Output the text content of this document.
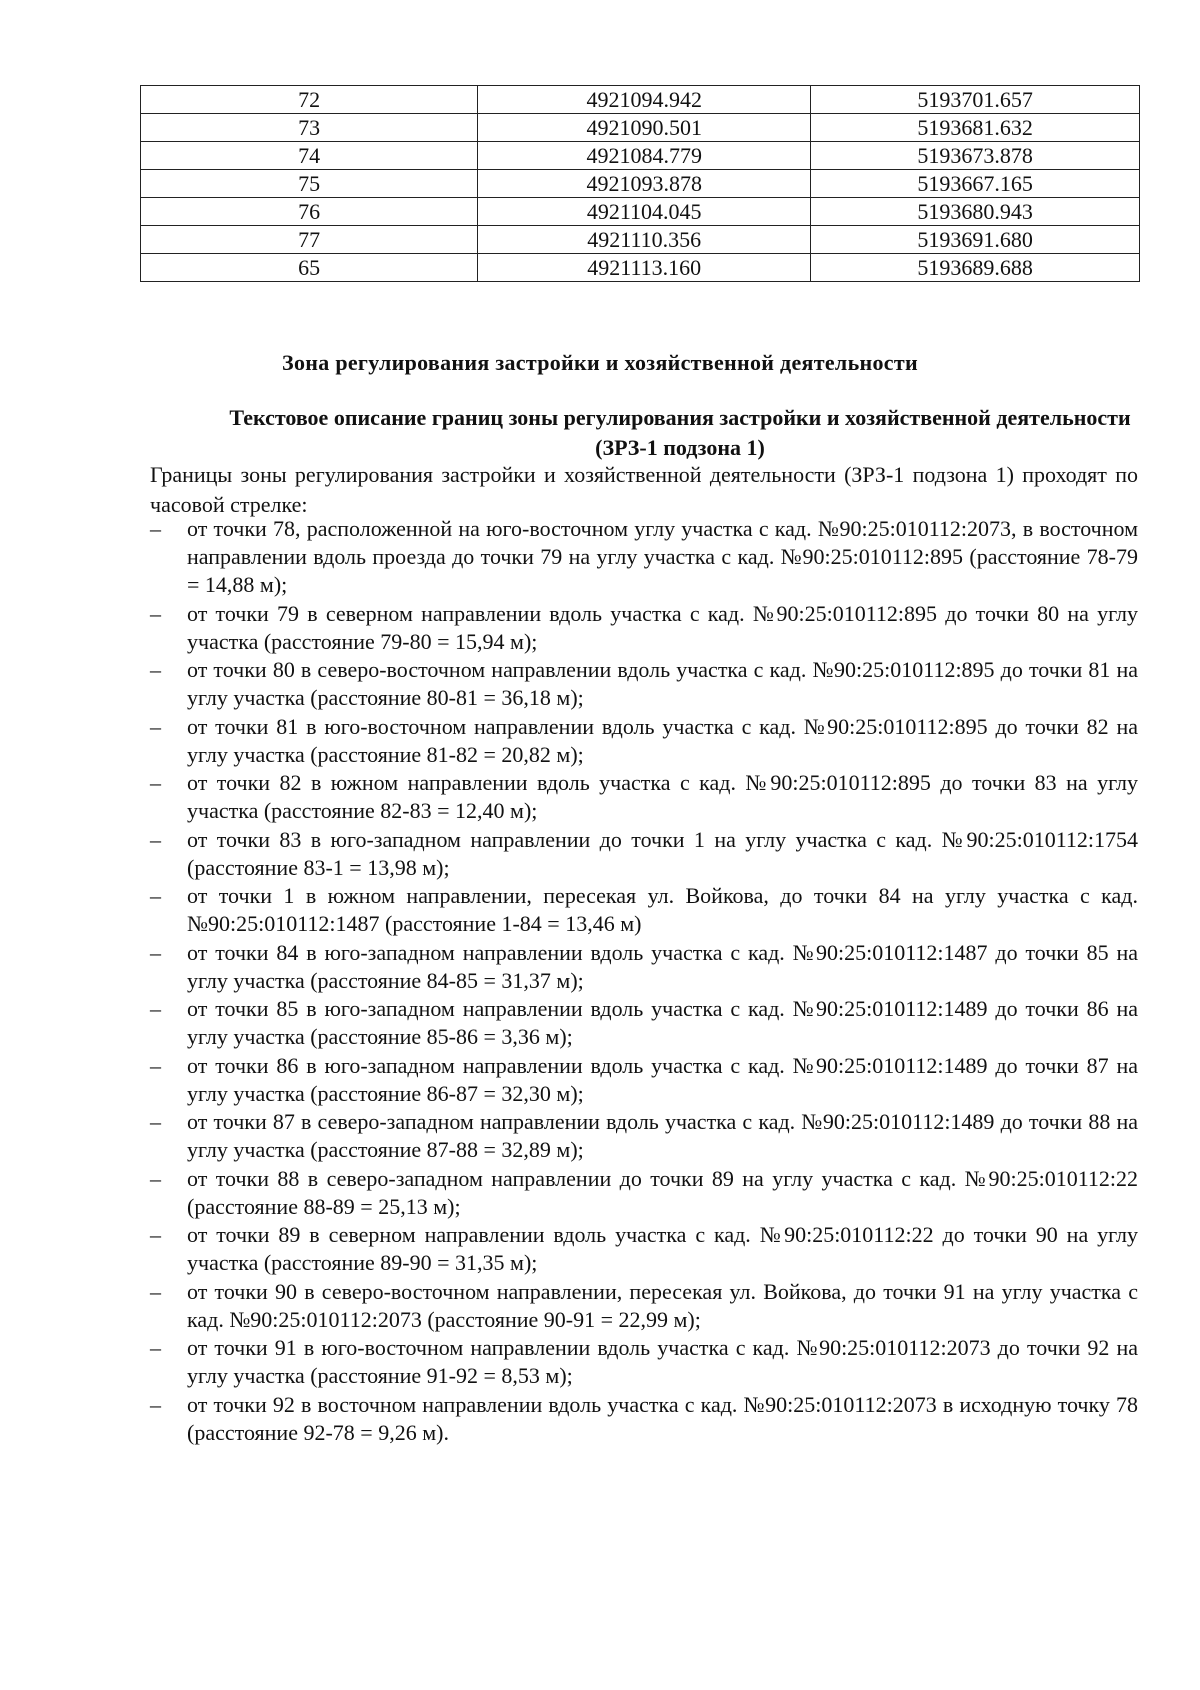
72	4921094.942	5193701.657
73	4921090.501	5193681.632
74	4921084.779	5193673.878
75	4921093.878	5193667.165
76	4921104.045	5193680.943
77	4921110.356	5193691.680
65	4921113.160	5193689.688
Зона регулирования застройки и хозяйственной деятельности
Текстовое описание границ зоны регулирования застройки и хозяйственной деятельности (ЗРЗ-1 подзона 1)
Границы зоны регулирования застройки и хозяйственной деятельности (ЗРЗ-1 подзона 1) проходят по часовой стрелке:
–	от точки 78, расположенной на юго-восточном углу участка с кад. №90:25:010112:2073, в восточном направлении вдоль проезда до точки 79 на углу участка с кад. №90:25:010112:895 (расстояние 78-79 = 14,88 м);
–	от точки 79 в северном направлении вдоль участка с кад. №90:25:010112:895 до точки 80 на углу участка (расстояние 79-80 = 15,94 м);
–	от точки 80 в северо-восточном направлении вдоль участка с кад. №90:25:010112:895 до точки 81 на углу участка (расстояние 80-81 = 36,18 м);
–	от точки 81 в юго-восточном направлении вдоль участка с кад. №90:25:010112:895 до точки 82 на углу участка (расстояние 81-82 = 20,82 м);
–	от точки 82 в южном направлении вдоль участка с кад. №90:25:010112:895 до точки 83 на углу участка (расстояние 82-83 = 12,40 м);
–	от точки 83 в юго-западном направлении до точки 1 на углу участка с кад. №90:25:010112:1754 (расстояние 83-1 = 13,98 м);
–	от точки 1 в южном направлении, пересекая ул. Войкова, до точки 84 на углу участка с кад. №90:25:010112:1487 (расстояние 1-84 = 13,46 м)
–	от точки 84 в юго-западном направлении вдоль участка с кад. №90:25:010112:1487 до точки 85 на углу участка (расстояние 84-85 = 31,37 м);
–	от точки 85 в юго-западном направлении вдоль участка с кад. №90:25:010112:1489 до точки 86 на углу участка (расстояние 85-86 = 3,36 м);
–	от точки 86 в юго-западном направлении вдоль участка с кад. №90:25:010112:1489 до точки 87 на углу участка (расстояние 86-87 = 32,30 м);
–	от точки 87 в северо-западном направлении вдоль участка с кад. №90:25:010112:1489 до точки 88 на углу участка (расстояние 87-88 = 32,89 м);
–	от точки 88 в северо-западном направлении до точки 89 на углу участка с кад. №90:25:010112:22 (расстояние 88-89 = 25,13 м);
–	от точки 89 в северном направлении вдоль участка с кад. №90:25:010112:22 до точки 90 на углу участка (расстояние 89-90 = 31,35 м);
–	от точки 90 в северо-восточном направлении, пересекая ул. Войкова, до точки 91 на углу участка с кад. №90:25:010112:2073 (расстояние 90-91 = 22,99 м);
–	от точки 91 в юго-восточном направлении вдоль участка с кад. №90:25:010112:2073 до точки 92 на углу участка (расстояние 91-92 = 8,53 м);
–	от точки 92 в восточном направлении вдоль участка с кад. №90:25:010112:2073 в исходную точку 78 (расстояние 92-78 = 9,26 м).
